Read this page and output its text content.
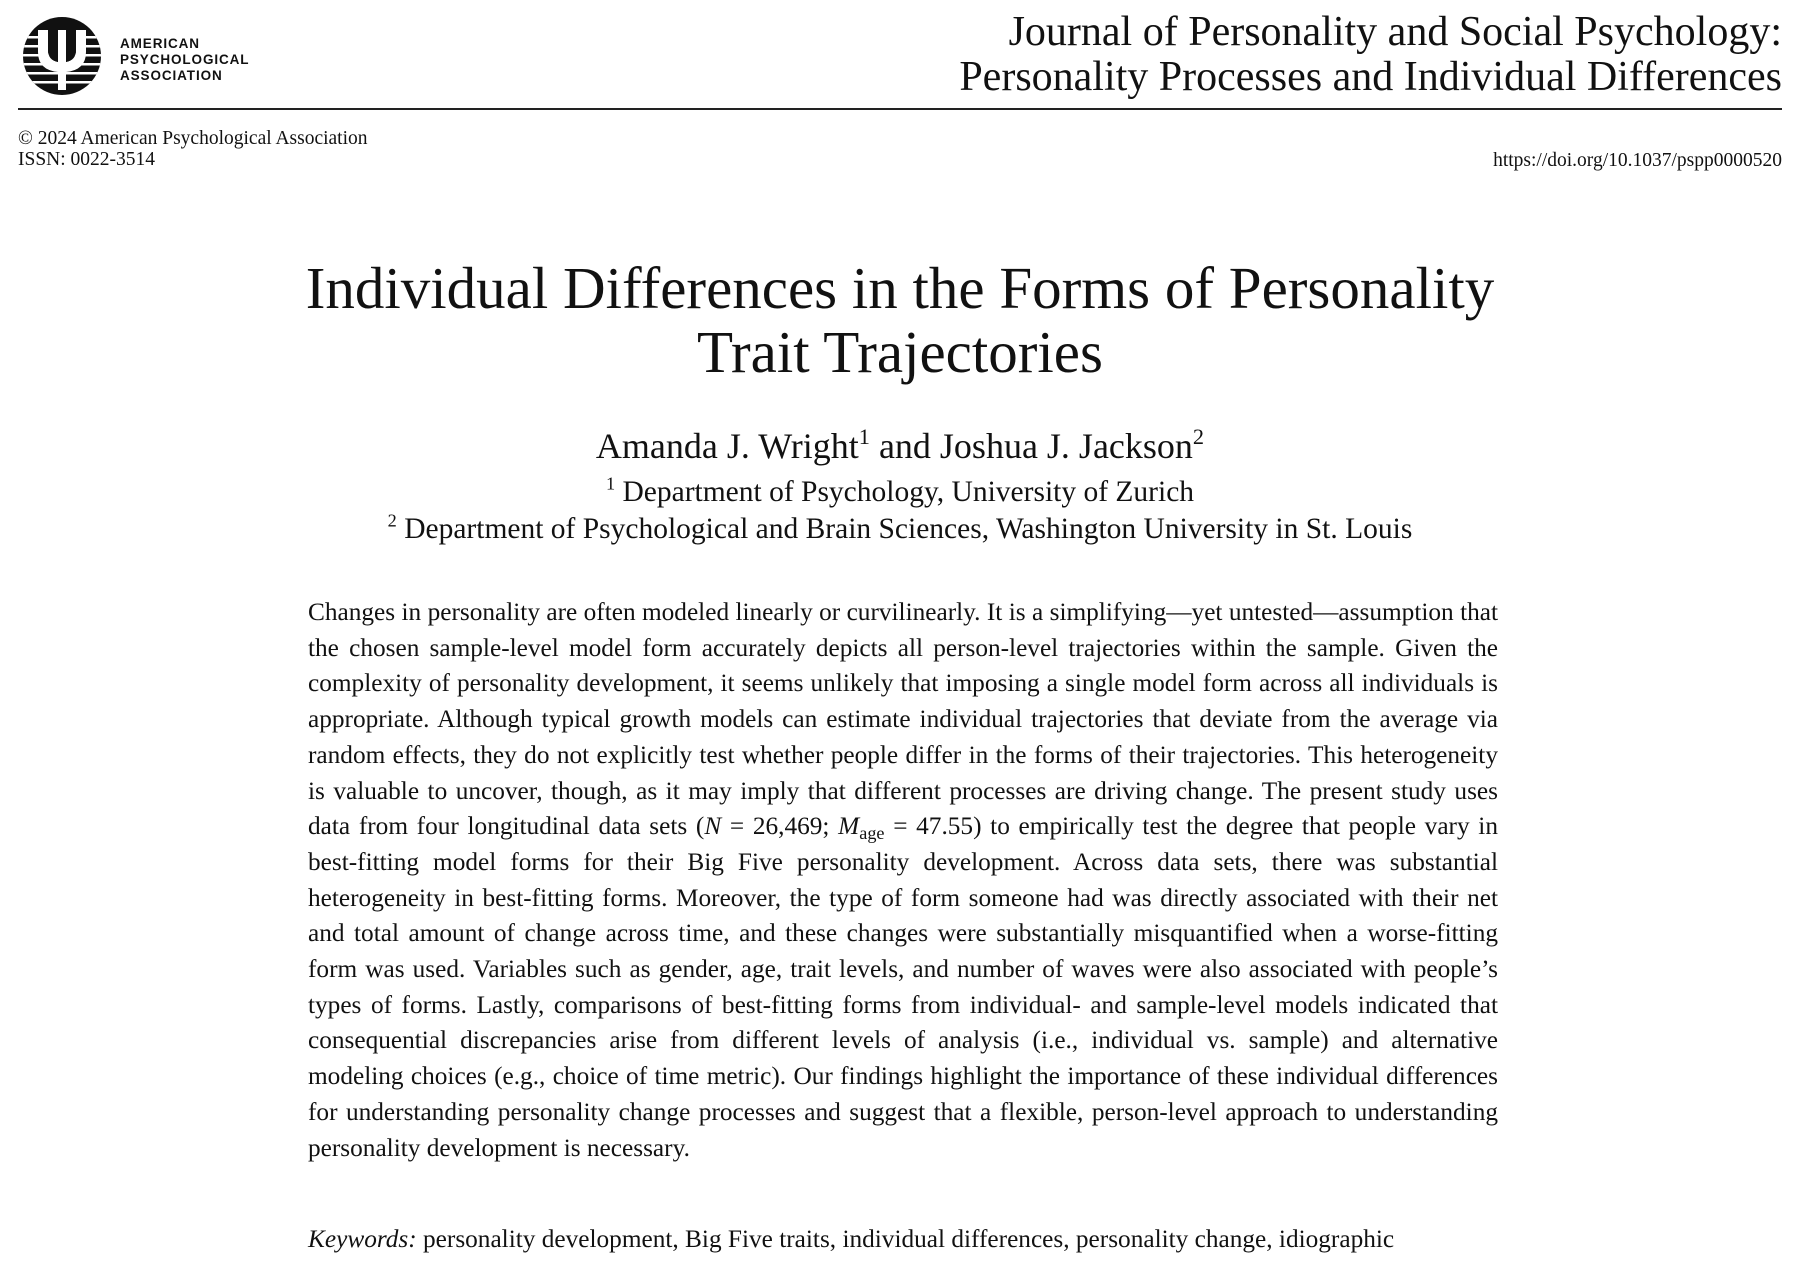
AMERICAN
PSYCHOLOGICAL
ASSOCIATION
Journal of Personality and Social Psychology:
Personality Processes and Individual Differences
© 2024 American Psychological Association
ISSN: 0022-3514	https://doi.org/10.1037/pspp0000520
Individual Differences in the Forms of Personality
Trait Trajectories
Amanda J. Wright$^1$ and Joshua J. Jackson$^2$
$^1$ Department of Psychology, University of Zurich
$^2$ Department of Psychological and Brain Sciences, Washington University in St. Louis
Changes in personality are often modeled linearly or curvilinearly. It is a simplifying—yet untested—assumption that the chosen sample-level model form accurately depicts all person-level trajectories within the sample. Given the complexity of personality development, it seems unlikely that imposing a single model form across all individuals is appropriate. Although typical growth models can estimate individual trajectories that deviate from the average via random effects, they do not explicitly test whether people differ in the forms of their trajectories. This heterogeneity is valuable to uncover, though, as it may imply that different processes are driving change. The present study uses data from four longitudinal data sets (N = 26,469; $M_{age} = 47.55$) to empirically test the degree that people vary in best-fitting model forms for their Big Five personality development. Across data sets, there was substantial heterogeneity in best-fitting forms. Moreover, the type of form someone had was directly associated with their net and total amount of change across time, and these changes were substantially misquantified when a worse-fitting form was used. Variables such as gender, age, trait levels, and number of waves were also associated with people’s types of forms. Lastly, comparisons of best-fitting forms from individual- and sample-level models indicated that consequential discrepancies arise from different levels of analysis (i.e., individual vs. sample) and alternative modeling choices (e.g., choice of time metric). Our findings highlight the importance of these individual differences for understanding personality change processes and suggest that a flexible, person-level approach to understanding personality development is necessary.
Keywords: personality development, Big Five traits, individual differences, personality change, idiographic
